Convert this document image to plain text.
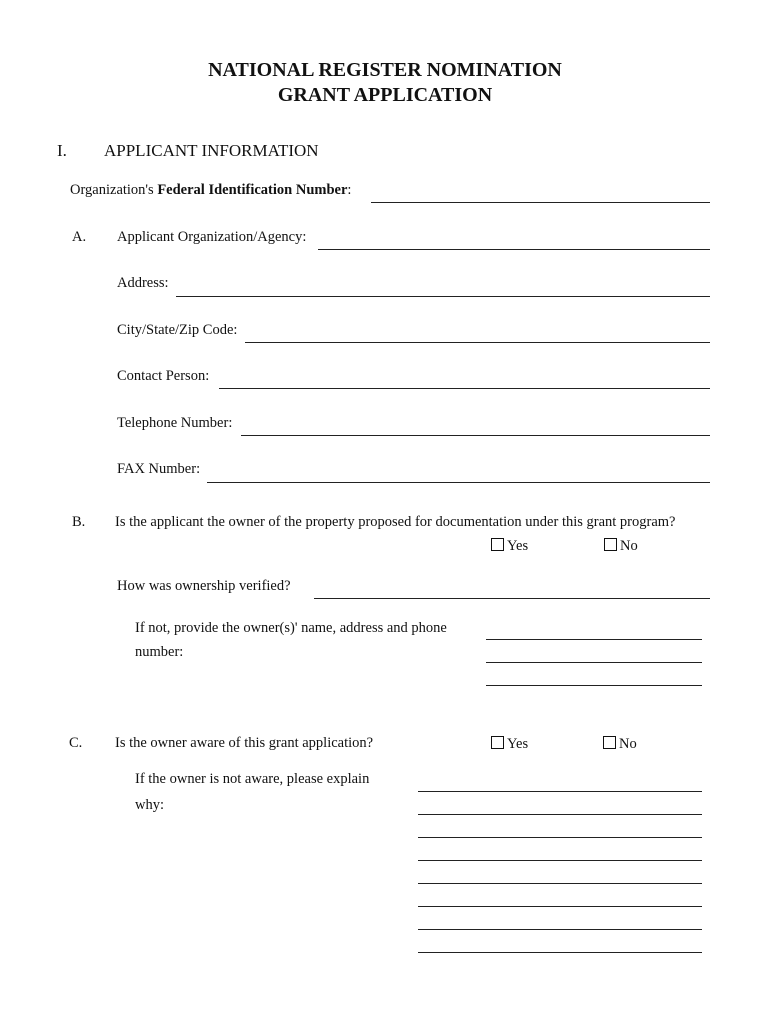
NATIONAL REGISTER NOMINATION
GRANT APPLICATION
I. APPLICANT INFORMATION
Organization's Federal Identification Number:
A. Applicant Organization/Agency:
Address:
City/State/Zip Code:
Contact Person:
Telephone Number:
FAX Number:
B. Is the applicant the owner of the property proposed for documentation under this grant program?
Yes	No
How was ownership verified?
If not, provide the owner(s)' name, address and phone
number:
C. Is the owner aware of this grant application?	Yes	No
If the owner is not aware, please explain
why:
